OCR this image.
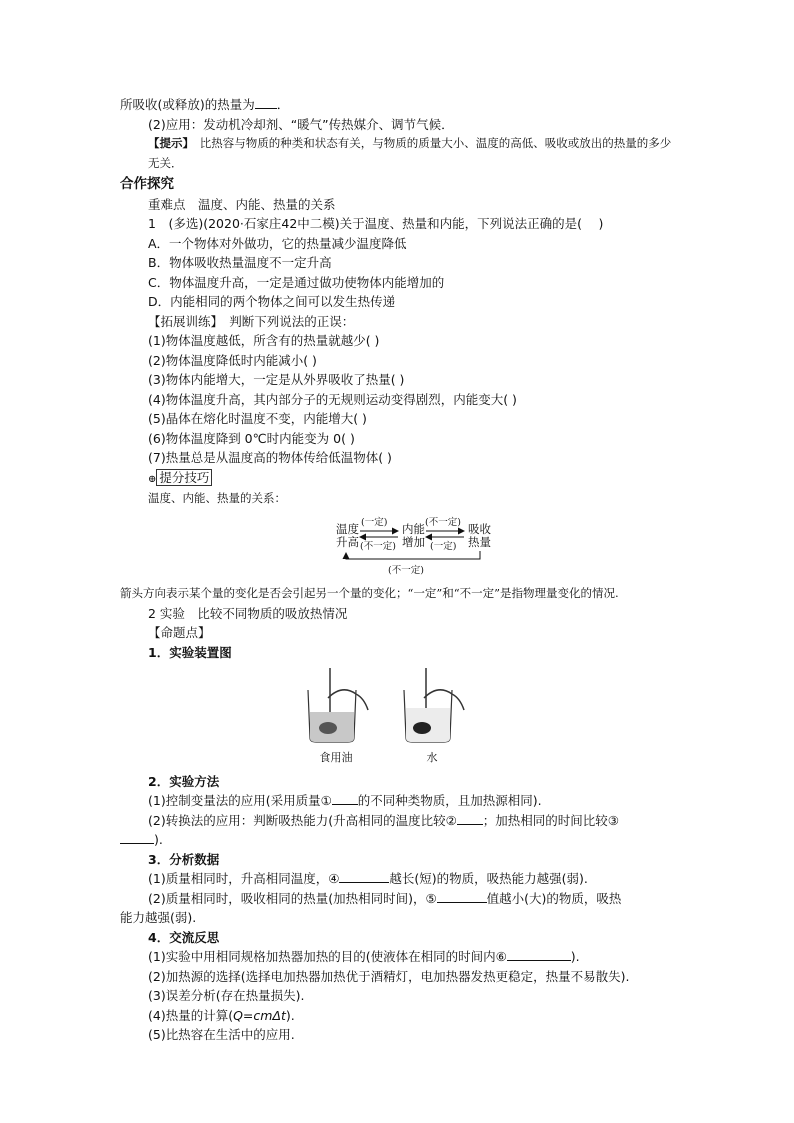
所吸收(或释放)的热量为 ．
(2)应用：发动机冷却剂、“暖气”传热媒介、调节气候．
【提示】　 比热容与物质的种类和状态有关，与物质的质量大小、温度的高低、吸收或放出的热量的多少无关．
合作探究
重难点　温度、内能、热量的关系
1　(多选)(2020·石家庄42中二模)关于温度、热量和内能，下列说法正确的是(　 )
A．一个物体对外做功，它的热量减少温度降低
B．物体吸收热量温度不一定升高
C．物体温度升高，一定是通过做功使物体内能增加的
D．内能相同的两个物体之间可以发生热传递
【拓展训练】　判断下列说法的正误：
(1)物体温度越低，所含有的热量就越少( )
(2)物体温度降低时内能减小( )
(3)物体内能增大，一定是从外界吸收了热量( )
(4)物体温度升高，其内部分子的无规则运动变得剧烈，内能变大( )
(5)晶体在熔化时温度不变，内能增大( )
(6)物体温度降到 0℃时内能变为 0( )
(7)热量总是从温度高的物体传给低温物体( )
⊕ 提分技巧
温度、内能、热量的关系：
温度
升高
内能
增加
吸收
热量
(一定)
(不一定)
(不一定)
(一定)
(不一定)
箭头方向表示某个量的变化是否会引起另一个量的变化；“一定”和“不一定”是指物理量变化的情况.
2 实验　比较不同物质的吸放热情况
【命题点】
1．实验装置图
食用油	水
2．实验方法
(1)控制变量法的应用(采用质量① 的不同种类物质，且加热源相同).
(2)转换法的应用：判断吸热能力(升高相同的温度比较② ；加热相同的时间比较③
).
3．分析数据
(1)质量相同时，升高相同温度，④	越长(短)的物质，吸热能力越强(弱).
(2)质量相同时，吸收相同的热量(加热相同时间)，⑤	值越小(大)的物质，吸热
能力越强(弱).
4．交流反思
(1)实验中用相同规格加热器加热的目的(使液体在相同的时间内⑥	).
(2)加热源的选择(选择电加热器加热优于酒精灯，电加热器发热更稳定，热量不易散失).
(3)误差分析(存在热量损失).
(4)热量的计算(Q=cmΔt).
(5)比热容在生活中的应用.
